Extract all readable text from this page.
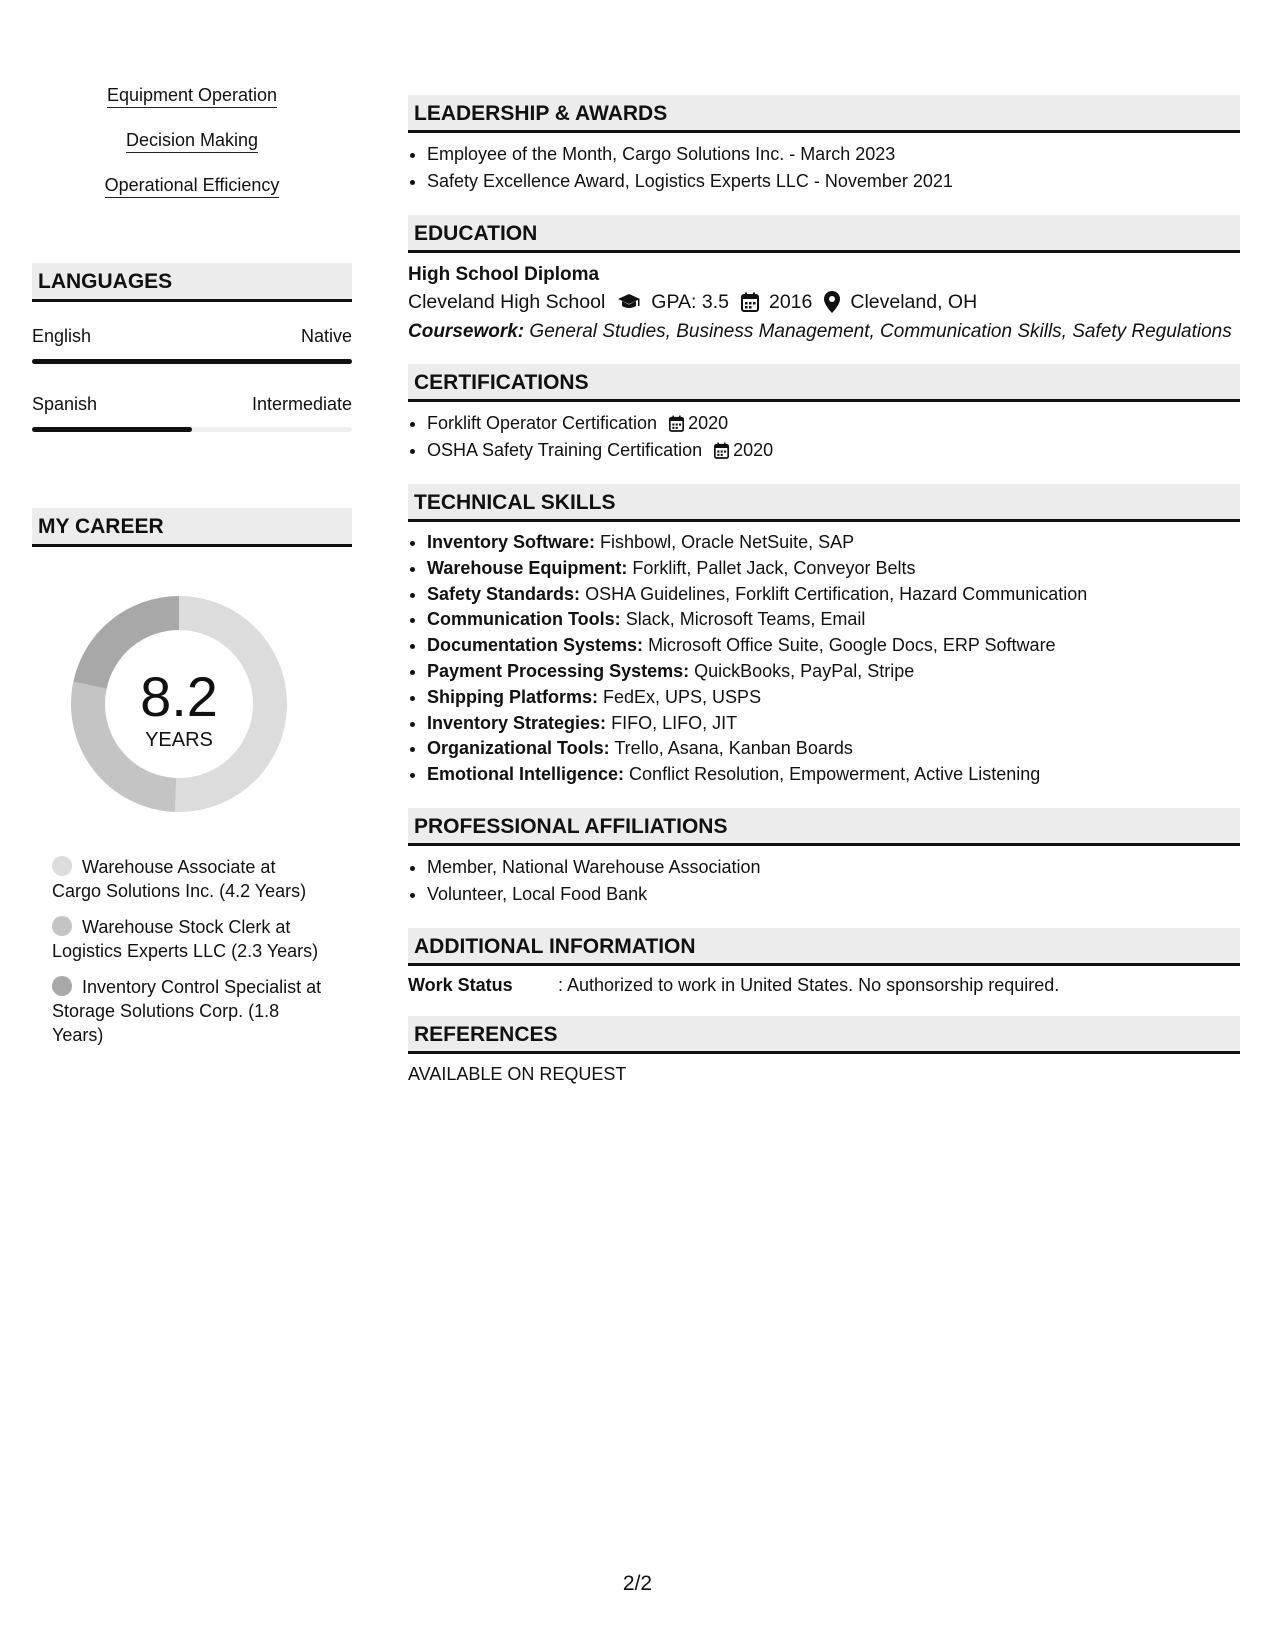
Equipment Operation
Decision Making
Operational Efficiency
LANGUAGES
English	Native
Spanish	Intermediate
MY CAREER
8.2
YEARS
Warehouse Associate at Cargo Solutions Inc. (4.2 Years)
Warehouse Stock Clerk at Logistics Experts LLC (2.3 Years)
Inventory Control Specialist at Storage Solutions Corp. (1.8 Years)
LEADERSHIP & AWARDS
• Employee of the Month, Cargo Solutions Inc. - March 2023
• Safety Excellence Award, Logistics Experts LLC - November 2021
EDUCATION
High School Diploma
Cleveland High School GPA: 3.5 2016 Cleveland, OH
Coursework: General Studies, Business Management, Communication Skills, Safety Regulations
CERTIFICATIONS
• Forklift Operator Certification 2020
• OSHA Safety Training Certification 2020
TECHNICAL SKILLS
• Inventory Software: Fishbowl, Oracle NetSuite, SAP
• Warehouse Equipment: Forklift, Pallet Jack, Conveyor Belts
• Safety Standards: OSHA Guidelines, Forklift Certification, Hazard Communication
• Communication Tools: Slack, Microsoft Teams, Email
• Documentation Systems: Microsoft Office Suite, Google Docs, ERP Software
• Payment Processing Systems: QuickBooks, PayPal, Stripe
• Shipping Platforms: FedEx, UPS, USPS
• Inventory Strategies: FIFO, LIFO, JIT
• Organizational Tools: Trello, Asana, Kanban Boards
• Emotional Intelligence: Conflict Resolution, Empowerment, Active Listening
PROFESSIONAL AFFILIATIONS
• Member, National Warehouse Association
• Volunteer, Local Food Bank
ADDITIONAL INFORMATION
Work Status	: Authorized to work in United States. No sponsorship required.
REFERENCES
AVAILABLE ON REQUEST
2/2
